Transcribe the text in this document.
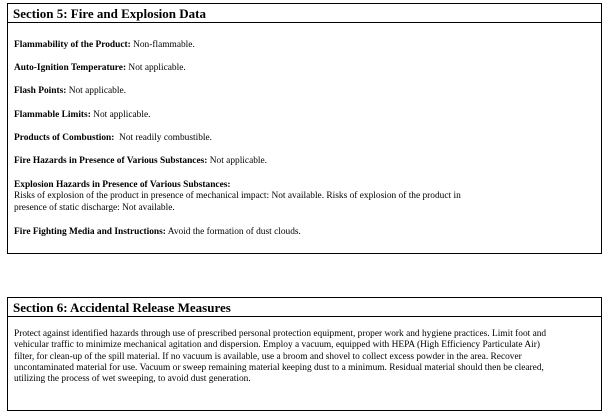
Section 5: Fire and Explosion Data
Flammability of the Product: Non-flammable.
Auto-Ignition Temperature: Not applicable.
Flash Points: Not applicable.
Flammable Limits: Not applicable.
Products of Combustion:  Not readily combustible.
Fire Hazards in Presence of Various Substances: Not applicable.
Explosion Hazards in Presence of Various Substances:
Risks of explosion of the product in presence of mechanical impact: Not available. Risks of explosion of the product in
presence of static discharge: Not available.
Fire Fighting Media and Instructions: Avoid the formation of dust clouds.
Section 6: Accidental Release Measures
Protect against identified hazards through use of prescribed personal protection equipment, proper work and hygiene practices. Limit foot and
vehicular traffic to minimize mechanical agitation and dispersion. Employ a vacuum, equipped with HEPA (High Efficiency Particulate Air)
filter, for clean-up of the spill material. If no vacuum is available, use a broom and shovel to collect excess powder in the area. Recover
uncontaminated material for use. Vacuum or sweep remaining material keeping dust to a minimum. Residual material should then be cleared,
utilizing the process of wet sweeping, to avoid dust generation.
